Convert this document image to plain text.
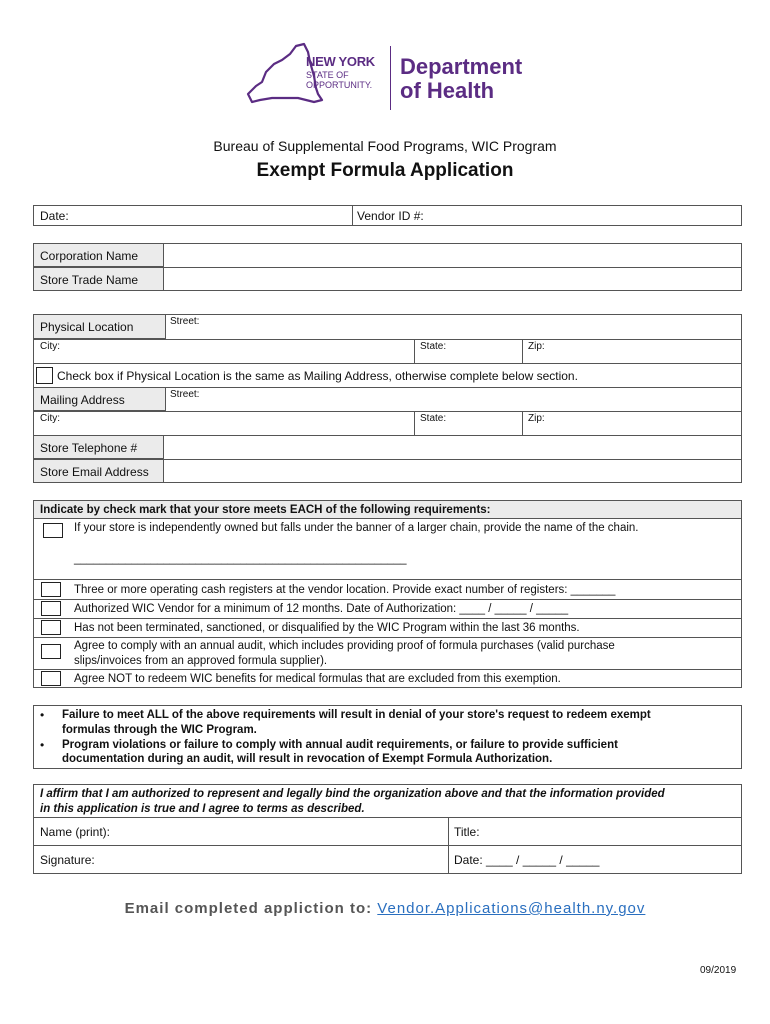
NEW YORK
STATE OF
OPPORTUNITY.
Department
of Health
Bureau of Supplemental Food Programs, WIC Program
Exempt Formula Application
Date:	Vendor ID #:
Corporation Name
Store Trade Name
Physical Location	Street:
City:	State:	Zip:
Check box if Physical Location is the same as Mailing Address, otherwise complete below section.
Mailing Address	Street:
City:	State:	Zip:
Store Telephone #
Store Email Address
Indicate by check mark that your store meets EACH of the following requirements:
If your store is independently owned but falls under the banner of a larger chain, provide the name of the chain.
____________________________________________________
Three or more operating cash registers at the vendor location. Provide exact number of registers: _______
Authorized WIC Vendor for a minimum of 12 months. Date of Authorization: ____ / _____ / _____
Has not been terminated, sanctioned, or disqualified by the WIC Program within the last 36 months.
Agree to comply with an annual audit, which includes providing proof of formula purchases (valid purchase
slips/invoices from an approved formula supplier).
Agree NOT to redeem WIC benefits for medical formulas that are excluded from this exemption.
• Failure to meet ALL of the above requirements will result in denial of your store's request to redeem exempt
formulas through the WIC Program.
• Program violations or failure to comply with annual audit requirements, or failure to provide sufficient
documentation during an audit, will result in revocation of Exempt Formula Authorization.
I affirm that I am authorized to represent and legally bind the organization above and that the information provided
in this application is true and I agree to terms as described.
Name (print):	Title:
Signature:	Date: ____ / _____ / _____
Email completed appliction to: Vendor.Applications@health.ny.gov
09/2019
